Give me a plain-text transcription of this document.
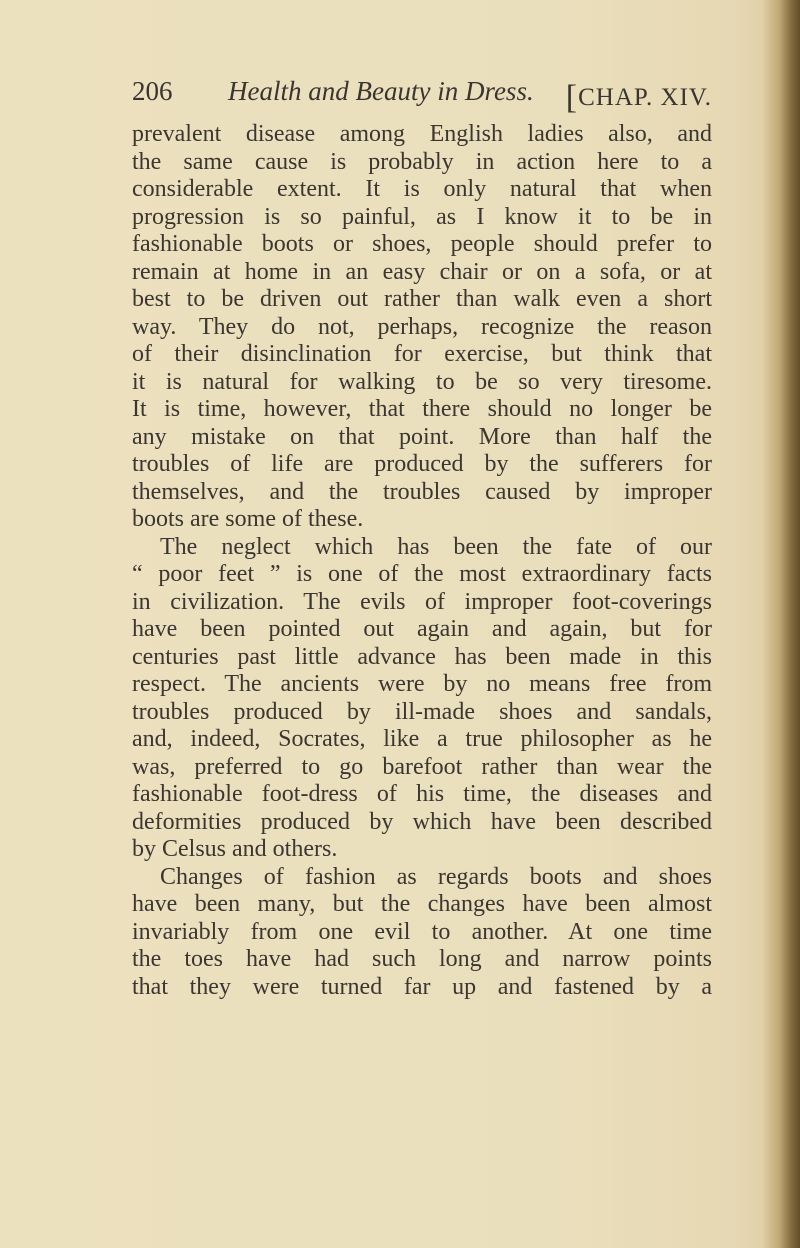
206 Health and Beauty in Dress. [CHAP. XIV.
prevalent disease among English ladies also, and
the same cause is probably in action here to a
considerable extent. It is only natural that when
progression is so painful, as I know it to be in
fashionable boots or shoes, people should prefer to
remain at home in an easy chair or on a sofa, or at
best to be driven out rather than walk even a short
way. They do not, perhaps, recognize the reason
of their disinclination for exercise, but think that
it is natural for walking to be so very tiresome.
It is time, however, that there should no longer be
any mistake on that point. More than half the
troubles of life are produced by the sufferers for
themselves, and the troubles caused by improper
boots are some of these.
The neglect which has been the fate of our
“ poor feet ” is one of the most extraordinary facts
in civilization. The evils of improper foot-coverings
have been pointed out again and again, but for
centuries past little advance has been made in this
respect. The ancients were by no means free from
troubles produced by ill-made shoes and sandals,
and, indeed, Socrates, like a true philosopher as he
was, preferred to go barefoot rather than wear the
fashionable foot-dress of his time, the diseases and
deformities produced by which have been described
by Celsus and others.
Changes of fashion as regards boots and shoes
have been many, but the changes have been almost
invariably from one evil to another. At one time
the toes have had such long and narrow points
that they were turned far up and fastened by a
